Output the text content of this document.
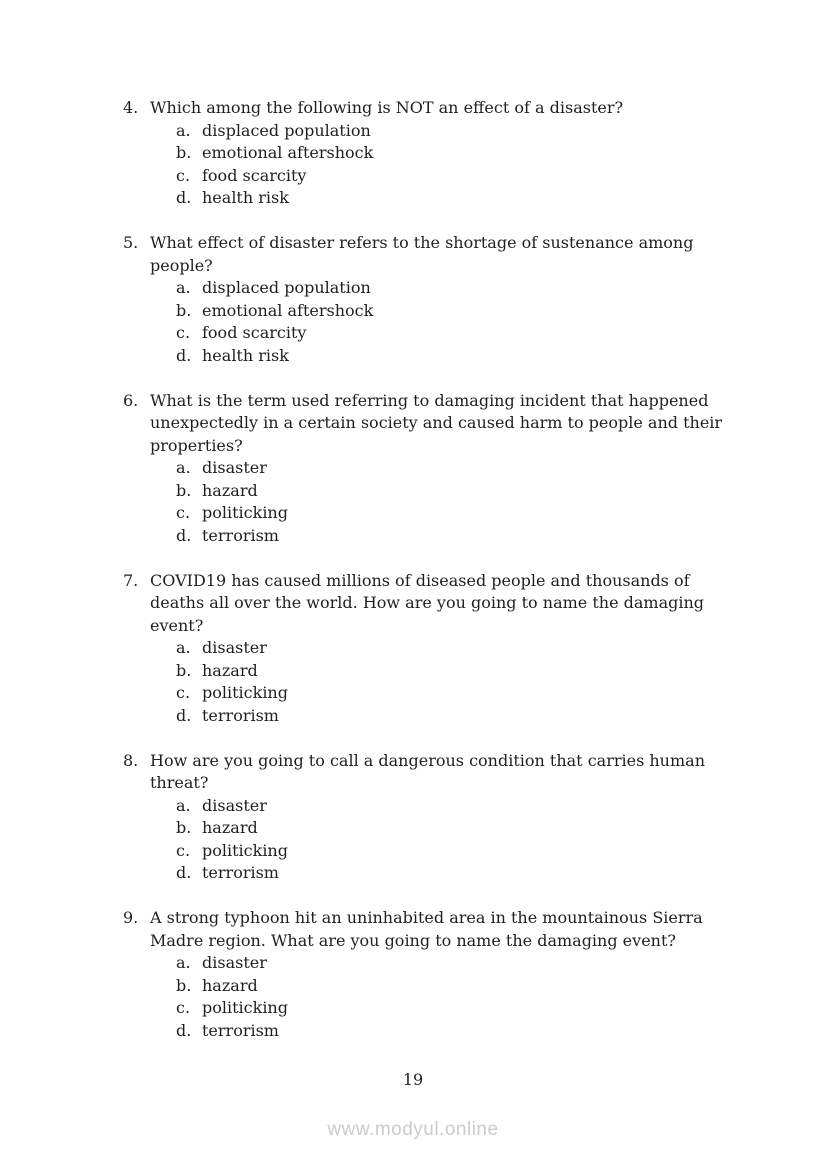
4. Which among the following is NOT an effect of a disaster?
a. displaced population
b. emotional aftershock
c. food scarcity
d. health risk
5. What effect of disaster refers to the shortage of sustenance among people?
a. displaced population
b. emotional aftershock
c. food scarcity
d. health risk
6. What is the term used referring to damaging incident that happened unexpectedly in a certain society and caused harm to people and their properties?
a. disaster
b. hazard
c. politicking
d. terrorism
7. COVID19 has caused millions of diseased people and thousands of deaths all over the world. How are you going to name the damaging event?
a. disaster
b. hazard
c. politicking
d. terrorism
8. How are you going to call a dangerous condition that carries human threat?
a. disaster
b. hazard
c. politicking
d. terrorism
9. A strong typhoon hit an uninhabited area in the mountainous Sierra Madre region. What are you going to name the damaging event?
a. disaster
b. hazard
c. politicking
d. terrorism
19
www.modyul.online
